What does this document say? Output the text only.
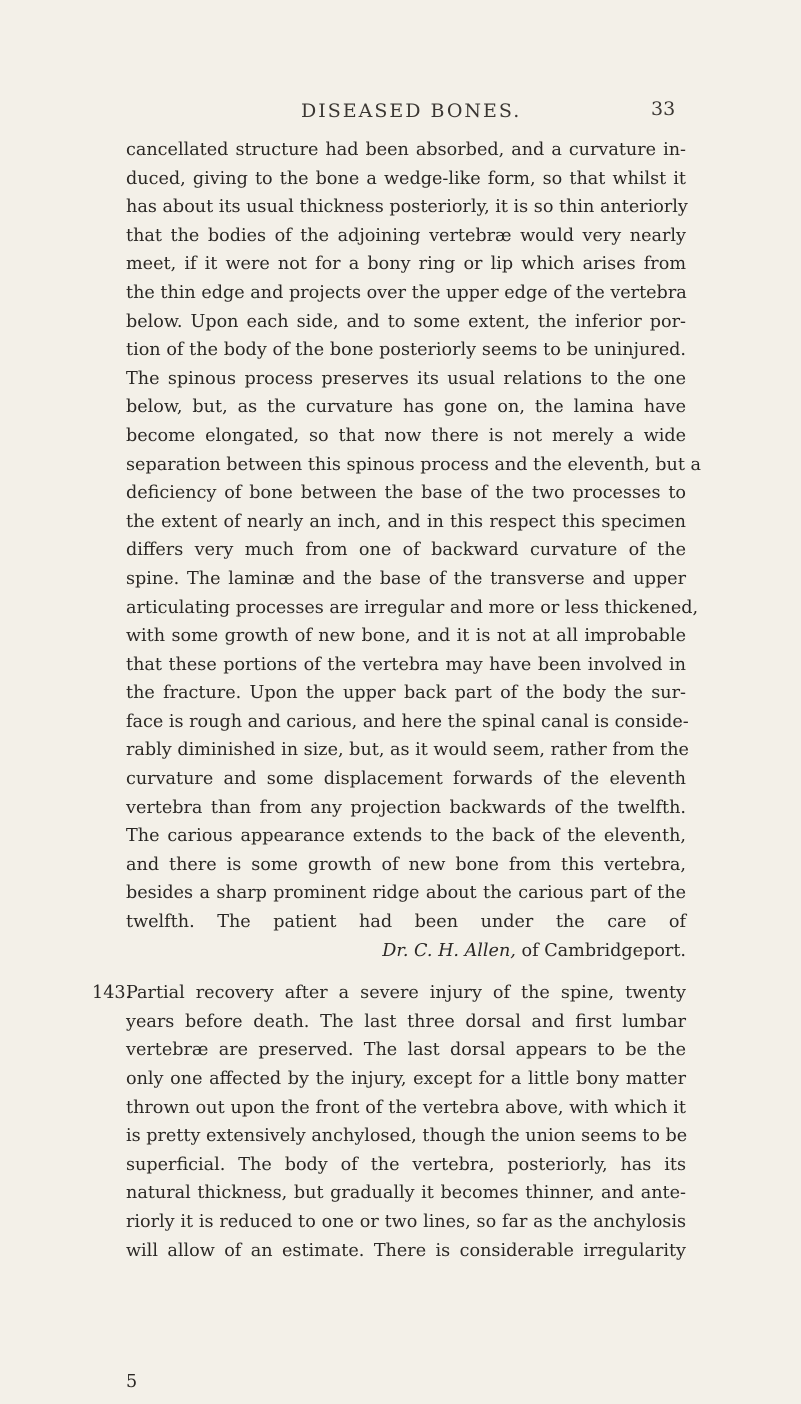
DISEASED BONES.	33
cancellated structure had been absorbed, and a curvature in-
duced, giving to the bone a wedge-like form, so that whilst it
has about its usual thickness posteriorly, it is so thin anteriorly
that the bodies of the adjoining vertebræ would very nearly
meet, if it were not for a bony ring or lip which arises from
the thin edge and projects over the upper edge of the vertebra
below. Upon each side, and to some extent, the inferior por-
tion of the body of the bone posteriorly seems to be uninjured.
The spinous process preserves its usual relations to the one
below, but, as the curvature has gone on, the lamina have
become elongated, so that now there is not merely a wide
separation between this spinous process and the eleventh, but a
deficiency of bone between the base of the two processes to
the extent of nearly an inch, and in this respect this specimen
differs very much from one of backward curvature of the
spine. The laminæ and the base of the transverse and upper
articulating processes are irregular and more or less thickened,
with some growth of new bone, and it is not at all improbable
that these portions of the vertebra may have been involved in
the fracture. Upon the upper back part of the body the sur-
face is rough and carious, and here the spinal canal is conside-
rably diminished in size, but, as it would seem, rather from the
curvature and some displacement forwards of the eleventh
vertebra than from any projection backwards of the twelfth.
The carious appearance extends to the back of the eleventh,
and there is some growth of new bone from this vertebra,
besides a sharp prominent ridge about the carious part of the
twelfth. The patient had been under the care of
Dr. C. H. Allen, of Cambridgeport.
143.
Partial recovery after a severe injury of the spine, twenty
years before death. The last three dorsal and first lumbar
vertebræ are preserved. The last dorsal appears to be the
only one affected by the injury, except for a little bony matter
thrown out upon the front of the vertebra above, with which it
is pretty extensively anchylosed, though the union seems to be
superficial. The body of the vertebra, posteriorly, has its
natural thickness, but gradually it becomes thinner, and ante-
riorly it is reduced to one or two lines, so far as the anchylosis
will allow of an estimate. There is considerable irregularity
5
